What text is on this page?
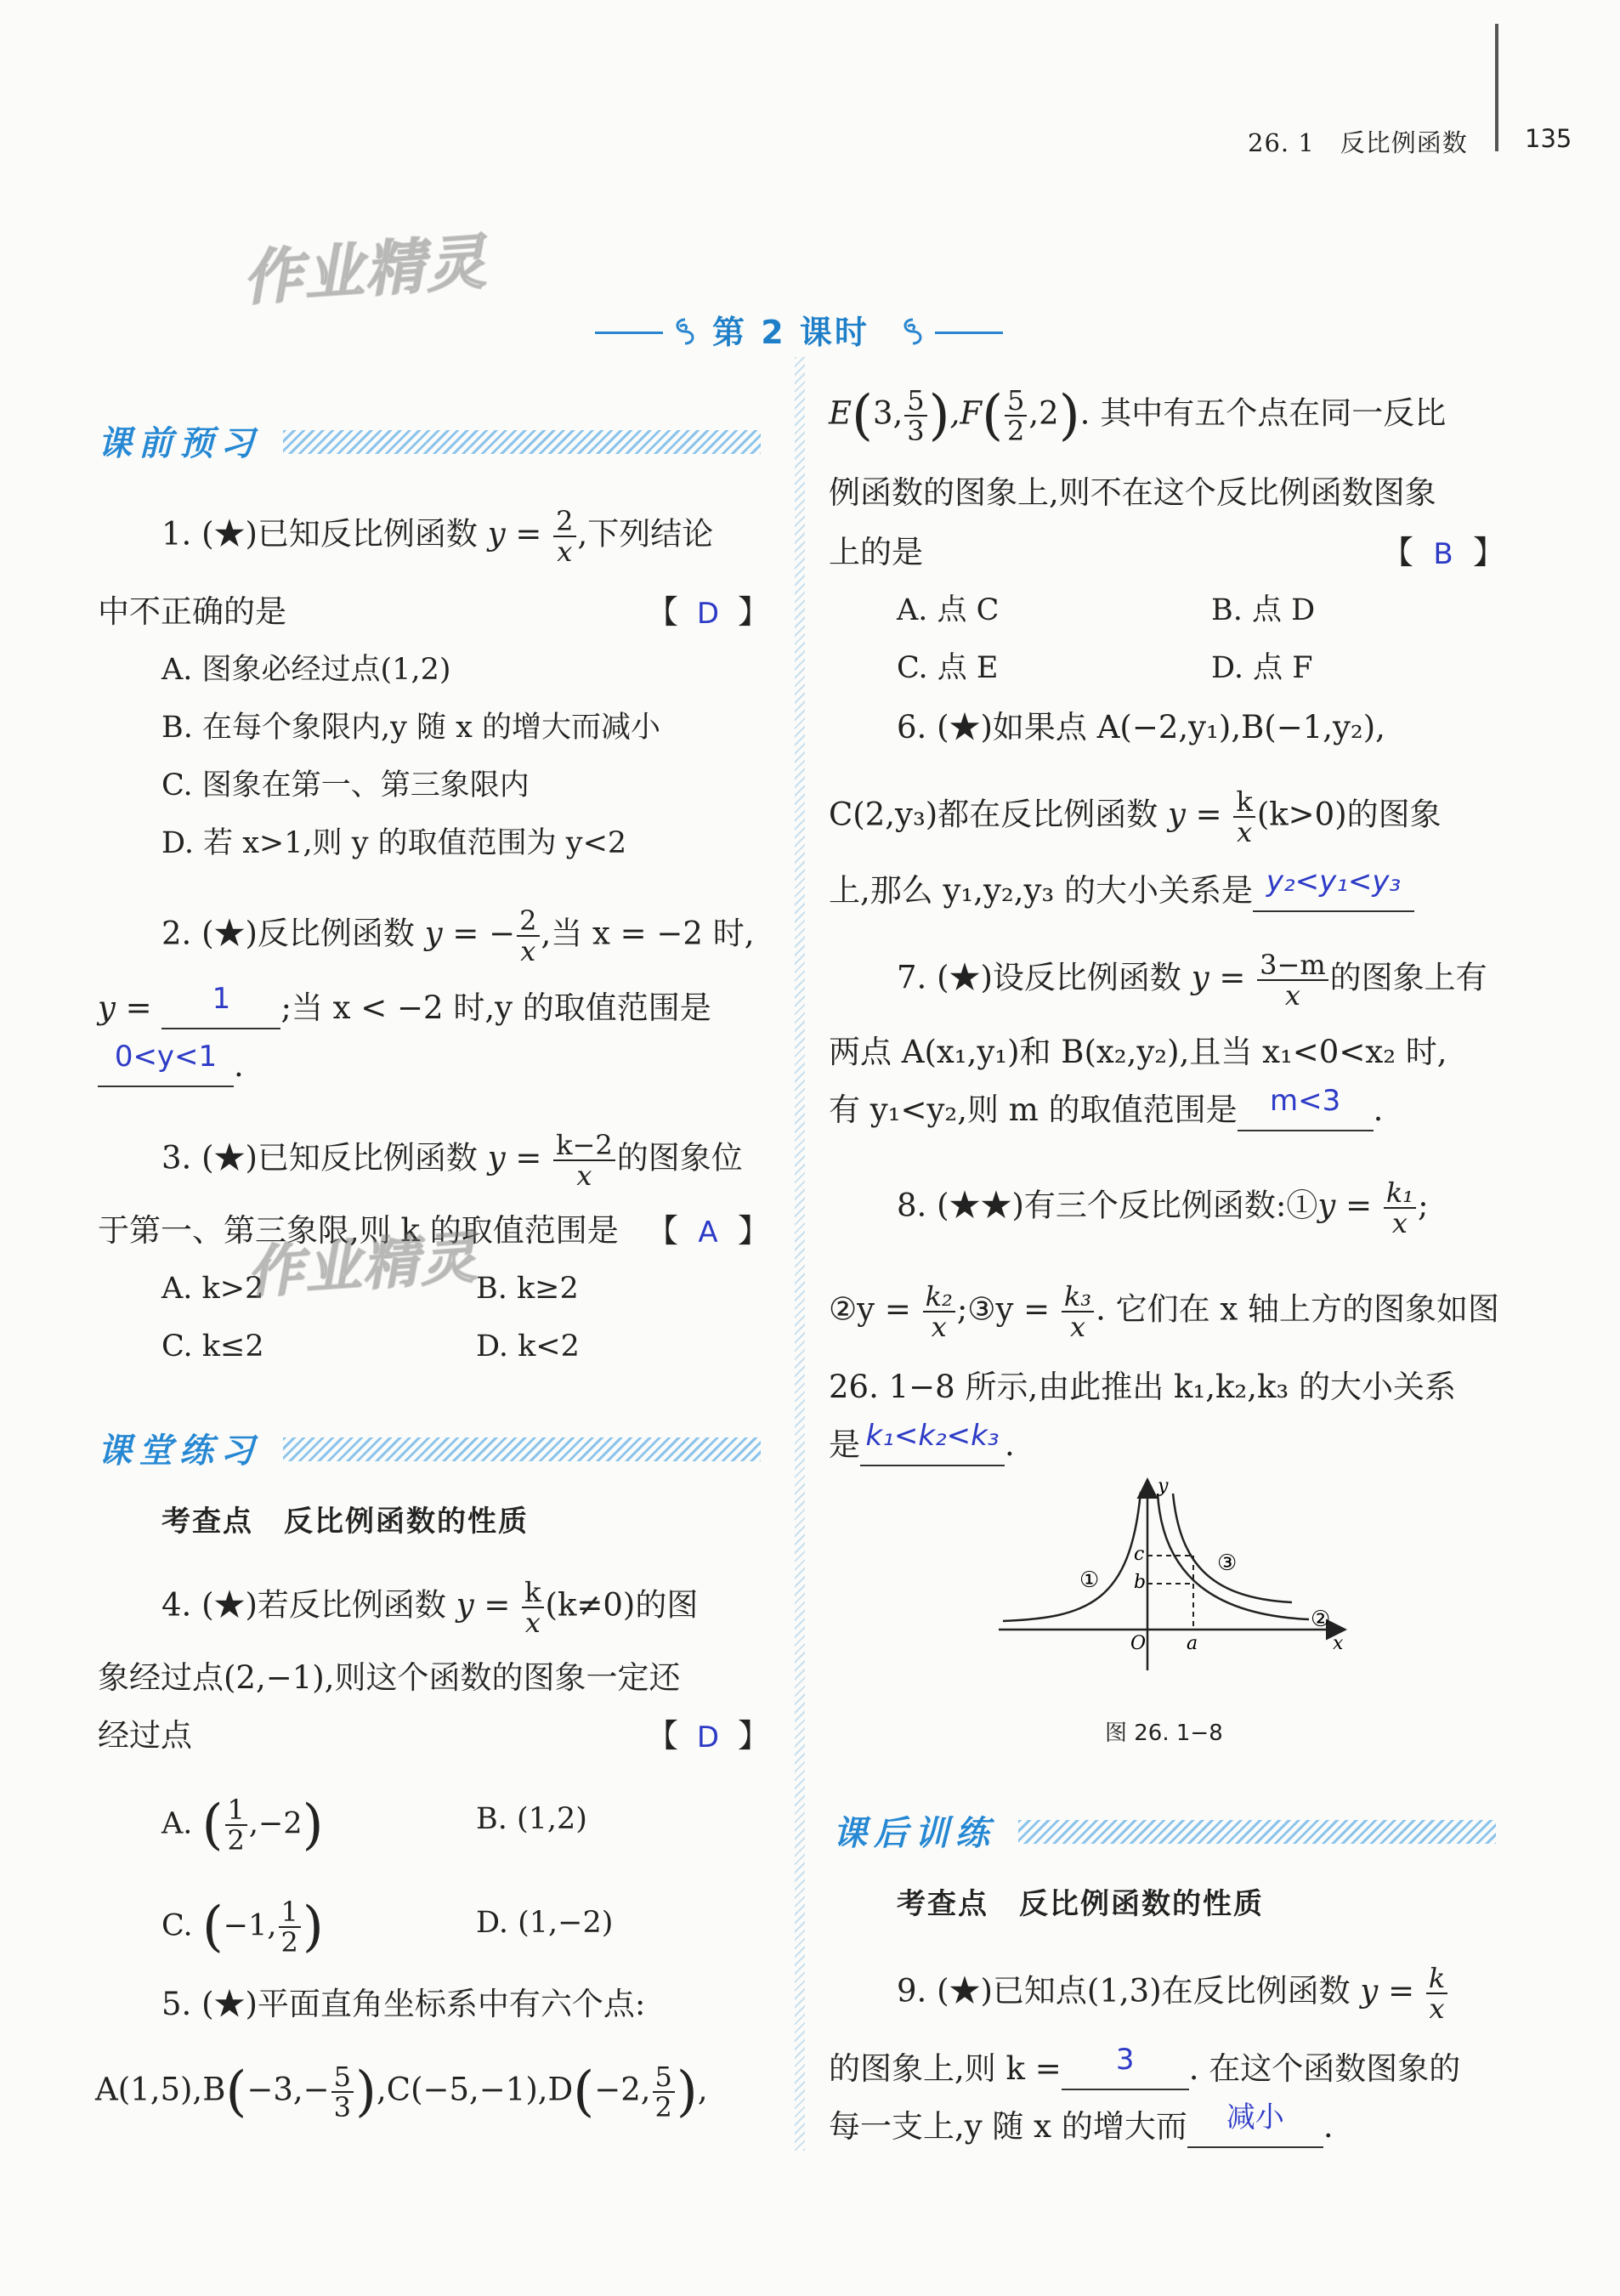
26. 1　反比例函数 135
作业精灵
第 2 课时
课前预习
1. (★)已知反比例函数 $y = \frac{2}{x}$ ,下列结论
中不正确的是	【 D 】
A. 图象必经过点(1,2)
B. 在每个象限内,y 随 x 的增大而减小
C. 图象在第一、第三象限内
D. 若 x>1,则 y 的取值范围为 y<2
2. (★)反比例函数 y = − $\frac{2}{x}$ ,当 x = −2 时,
y = 1 ;当 x < −2 时,y 的取值范围是
0<y<1 .
3. (★)已知反比例函数 $y = \frac{k-2}{x}$ 的图象位
于第一、第三象限,则 k 的取值范围是 【 A 】
A. k>2	B. k≥2
C. k≤2	D. k<2
作业精灵
课堂练习
考查点　反比例函数的性质
4. (★)若反比例函数 $y = \frac{k}{x} (k\ne 0)$的图
象经过点(2,−1),则这个函数的图象一定还
经过点	【 D 】
A. ( $\frac{1}{2} ,-2$)	B. (1,2)
C. (−1, $\frac{1}{2}$ )	D. (1,−2)
5. (★)平面直角坐标系中有六个点:
$A(1,5),B(-3,- \frac{5}{3} ),C(-5,-1),D(-2$, $\frac{5}{2}$ ),
E(3, $\frac{5}{3} ),F( \frac{5}{2} ,2)$. 其中有五个点在同一反比
例函数的图象上,则不在这个反比例函数图象
上的是	【 B 】
A. 点 C	B. 点 D
C. 点 E	D. 点 F
6. (★)如果点 A(−2,y₁),B(−1,y₂),
C(2,y₃)都在反比例函数 $y = \frac{k}{x} (k>0)$的图象
上,那么 y₁,y₂,y₃ 的大小关系是 y₂<y₁<y₃
7. (★)设反比例函数 $y = \frac{3-m}{x}$ 的图象上有
两点 A(x₁,y₁)和 B(x₂,y₂),且当 x₁<0<x₂ 时,
有 y₁<y₂,则 m 的取值范围是 m<3 .
8. (★★)有三个反比例函数:①y = $\frac{\text{k₁}}{x}$ ;
②y = $\frac{\text{k₂}}{x}$ ;③y = $\frac{\text{k₃}}{x}$ . 它们在 x 轴上方的图象如图
26. 1−8 所示,由此推出 k₁,k₂,k₃ 的大小关系
是 k₁<k₂<k₃ .
y
x
O a
b
c
①
③
②
图 26. 1−8
课后训练
考查点　反比例函数的性质
9. (★)已知点(1,3)在反比例函数 $y = \frac{k}{x}$
的图象上,则 k = 3 . 在这个函数图象的
每一支上,y 随 x 的增大而 减小 .
